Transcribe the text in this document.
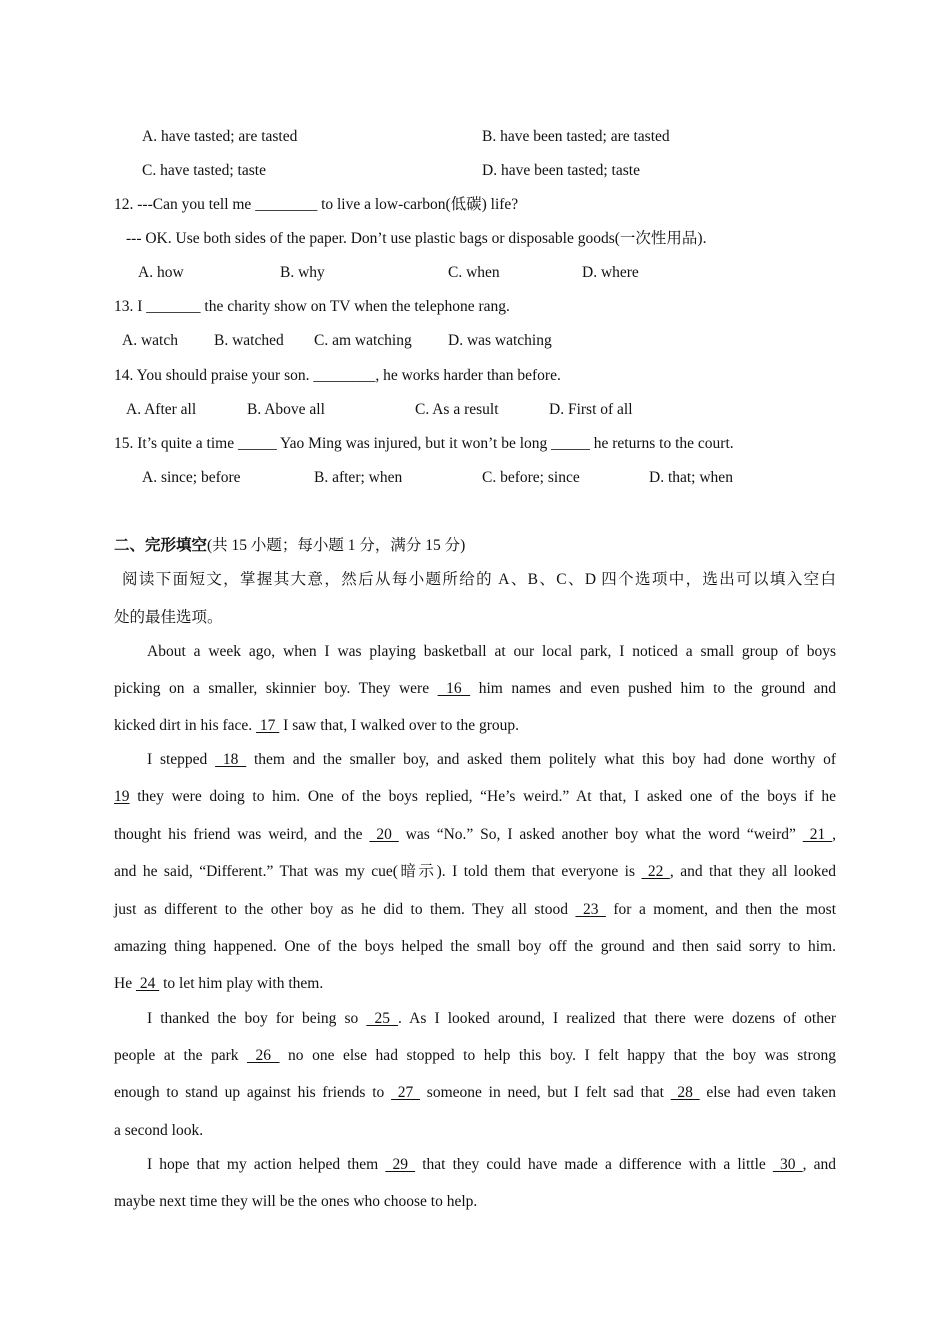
A. have tasted; are tasted	B. have been tasted; are tasted
C. have tasted; taste	D. have been tasted; taste
12. ---Can you tell me ________ to live a low-carbon(低碳) life?
--- OK. Use both sides of the paper. Don’t use plastic bags or disposable goods(一次性用品).
A. how	B. why	C. when	D. where
13. I _______ the charity show on TV when the telephone rang.
A. watch B. watched C. am watching D. was watching
14. You should praise your son. ________, he works harder than before.
A. After all	B. Above all	C. As a result	D. First of all
15. It’s quite a time _____ Yao Ming was injured, but it won’t be long _____ he returns to the court.
A. since; before	B. after; when	C. before; since	D. that; when
二、完形填空(共 15 小题；每小题 1 分，满分 15 分)
阅读下面短文，掌握其大意，然后从每小题所给的 A、B、C、D 四个选项中，选出可以填入空白
处的最佳选项。
About a week ago, when I was playing basketball at our local park, I noticed a small group of boys
picking on a smaller, skinnier boy. They were  16  him names and even pushed him to the ground and
kicked dirt in his face.  17  I saw that, I walked over to the group.
I stepped  18  them and the smaller boy, and asked them politely what this boy had done worthy of
19 they were doing to him. One of the boys replied, “He’s weird.” At that, I asked one of the boys if he
thought his friend was weird, and the  20  was “No.” So, I asked another boy what the word “weird”  21 ,
and he said, “Different.” That was my cue(暗示). I told them that everyone is  22 , and that they all looked
just as different to the other boy as he did to them. They all stood  23  for a moment, and then the most
amazing thing happened. One of the boys helped the small boy off the ground and then said sorry to him.
He  24  to let him play with them.
I thanked the boy for being so  25 . As I looked around, I realized that there were dozens of other
people at the park  26  no one else had stopped to help this boy. I felt happy that the boy was strong
enough to stand up against his friends to  27  someone in need, but I felt sad that  28  else had even taken
a second look.
I hope that my action helped them  29  that they could have made a difference with a little  30 , and
maybe next time they will be the ones who choose to help.
